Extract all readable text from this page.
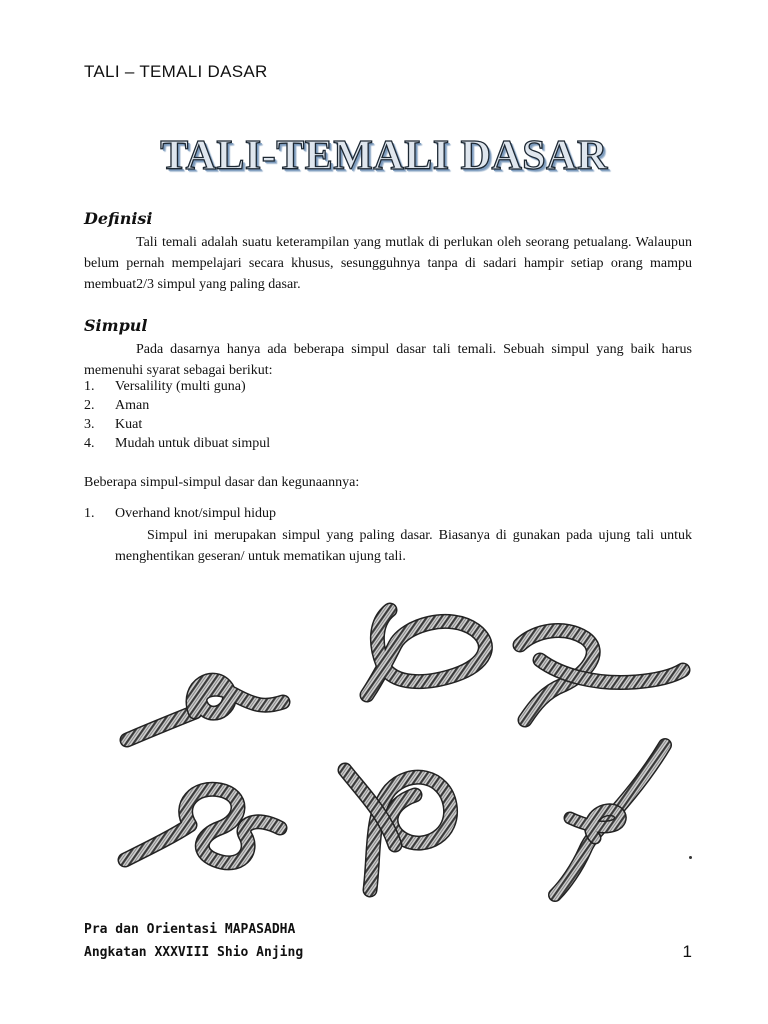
TALI – TEMALI DASAR
TALI-TEMALI DASAR
Definisi

Tali temali adalah suatu keterampilan yang mutlak di perlukan oleh seorang petualang. Walaupun belum pernah mempelajari secara khusus, sesungguhnya tanpa di sadari hampir setiap orang mampu membuat2/3 simpul yang paling dasar.

Simpul

Pada dasarnya hanya ada beberapa simpul dasar tali temali. Sebuah simpul yang baik harus memenuhi syarat sebagai berikut:

1.	Versalility (multi guna)
2.	Aman
3.	Kuat
4.	Mudah untuk dibuat simpul
Beberapa simpul-simpul dasar dan kegunaannya:
1.	Overhand knot/simpul hidup

Simpul ini merupakan simpul yang paling dasar. Biasanya di gunakan pada ujung tali untuk menghentikan geseran/ untuk mematikan ujung tali.

Pra dan Orientasi MAPASADHA
Angkatan XXXVIII Shio Anjing	1
